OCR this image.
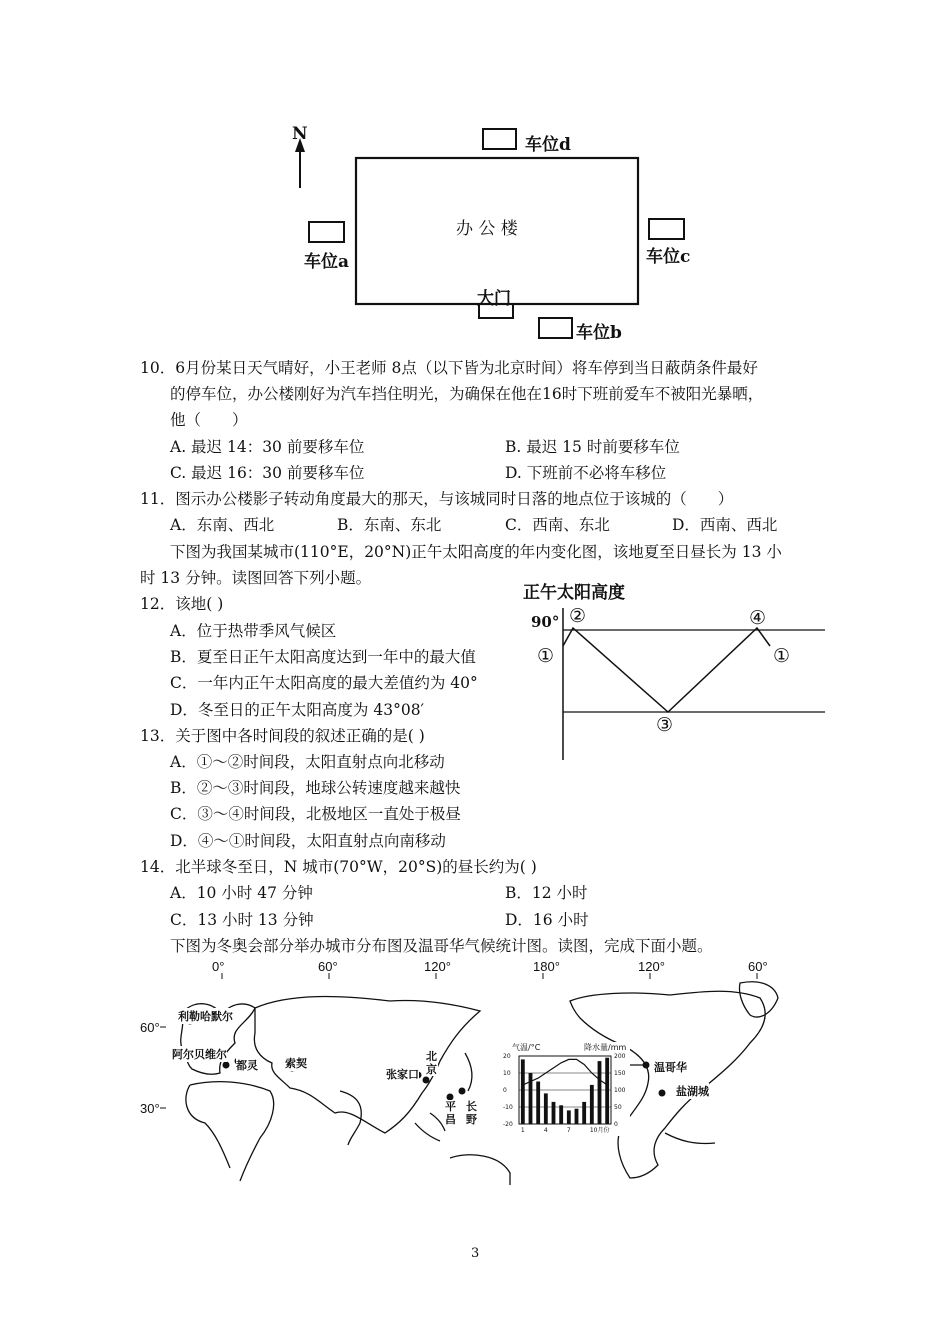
N
办 公 楼
车位d
车位a	车位c
大门
车位b
10．6月份某日天气晴好，小王老师 8点（以下皆为北京时间）将车停到当日蔽荫条件最好
的停车位，办公楼刚好为汽车挡住明光，为确保在他在16时下班前爱车不被阳光暴晒，
他（　　）
A. 最迟 14：30 前要移车位	B. 最迟 15 时前要移车位
C. 最迟 16：30 前要移车位	D. 下班前不必将车移位
11．图示办公楼影子转动角度最大的那天，与该城同时日落的地点位于该城的（　　）
A．东南、西北	B．东南、东北	C．西南、东北	D．西南、西北
下图为我国某城市(110°E，20°N)正午太阳高度的年内变化图，该地夏至日昼长为 13 小
时 13 分钟。读图回答下列小题。
正午太阳高度
90°
①
②
③
④
①
12．该地( )
A．位于热带季风气候区
B．夏至日正午太阳高度达到一年中的最大值
C．一年内正午太阳高度的最大差值约为 40°
D．冬至日的正午太阳高度为 43°08′
13．关于图中各时间段的叙述正确的是( )
A．①～②时间段，太阳直射点向北移动
B．②～③时间段，地球公转速度越来越快
C．③～④时间段，北极地区一直处于极昼
D．④～①时间段，太阳直射点向南移动
14．北半球冬至日，N 城市(70°W，20°S)的昼长约为( )
A．10 小时 47 分钟	B．12 小时
C．13 小时 13 分钟	D．16 小时
下图为冬奥会部分举办城市分布图及温哥华气候统计图。读图，完成下面小题。
0°	60°	120°	180°	120°	60°
60°
30°
利勒哈默尔
阿尔贝维尔
都灵 索契
张家口
北京
平昌
长野
温哥华
盐湖城
气温/°C	降水量/mm
20
10
0
-10
-20
200
150
100
50
0
1	4	7	10月份
3
